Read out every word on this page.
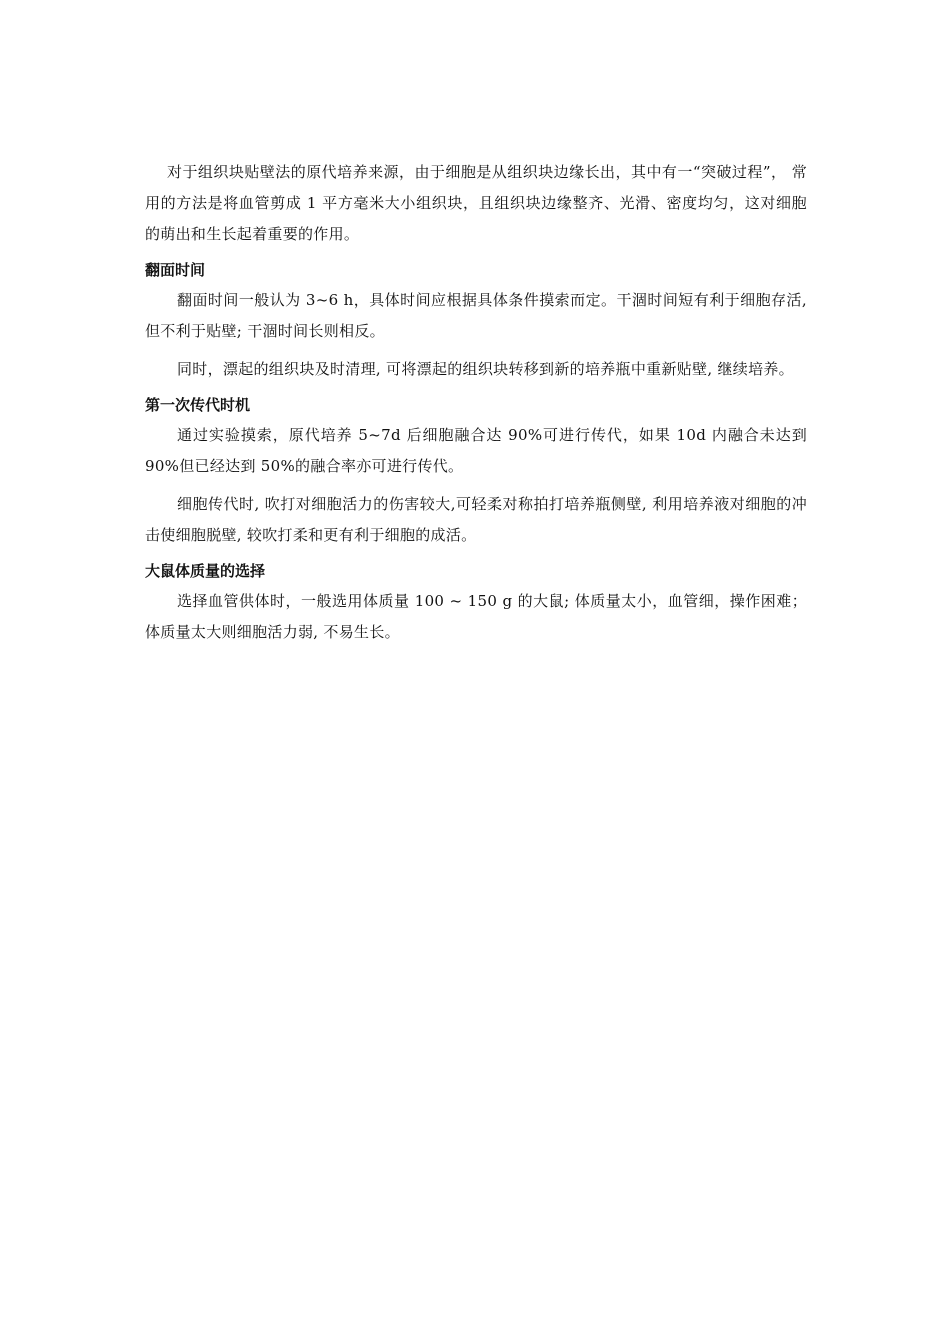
对于组织块贴壁法的原代培养来源，由于细胞是从组织块边缘长出，其中有一“突破过程”， 常用的方法是将血管剪成 1 平方毫米大小组织块，且组织块边缘整齐、光滑、密度均匀，这对细胞的萌出和生长起着重要的作用。

翻面时间

翻面时间一般认为 3~6 h，具体时间应根据具体条件摸索而定。干涸时间短有利于细胞存活, 但不利于贴壁; 干涸时间长则相反。

同时，漂起的组织块及时清理, 可将漂起的组织块转移到新的培养瓶中重新贴壁, 继续培养。

第一次传代时机

通过实验摸索，原代培养 5~7d 后细胞融合达 90%可进行传代，如果 10d 内融合未达到 90%但已经达到 50%的融合率亦可进行传代。

细胞传代时, 吹打对细胞活力的伤害较大,可轻柔对称拍打培养瓶侧壁, 利用培养液对细胞的冲击使细胞脱壁, 较吹打柔和更有利于细胞的成活。

大鼠体质量的选择

选择血管供体时，一般选用体质量 100 ~ 150 g 的大鼠; 体质量太小，血管细，操作困难；体质量太大则细胞活力弱, 不易生长。
